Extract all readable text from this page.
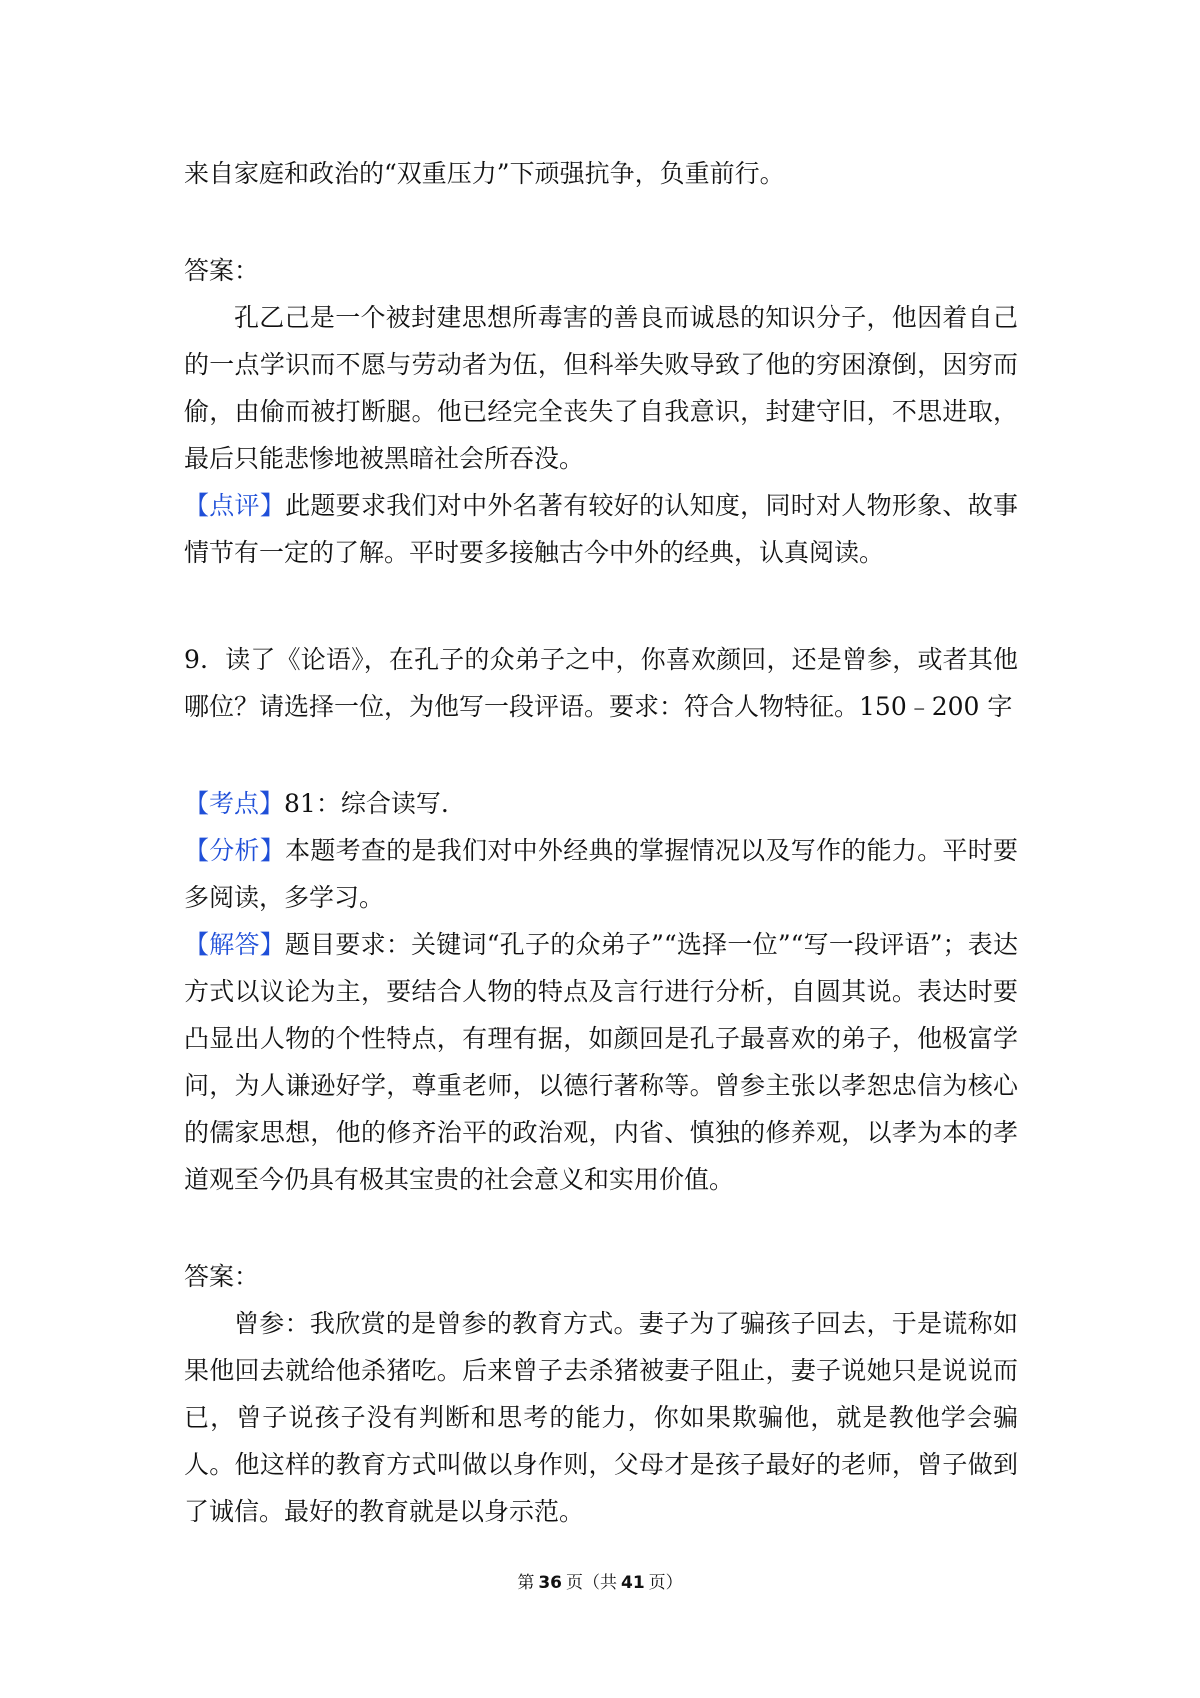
来自家庭和政治的“双重压力”下顽强抗争，负重前行。

答案：

孔乙己是一个被封建思想所毒害的善良而诚恳的知识分子，他因着自己的一点学识而不愿与劳动者为伍，但科举失败导致了他的穷困潦倒，因穷而偷，由偷而被打断腿。他已经完全丧失了自我意识，封建守旧，不思进取，最后只能悲惨地被黑暗社会所吞没。

【点评】此题要求我们对中外名著有较好的认知度，同时对人物形象、故事情节有一定的了解。平时要多接触古今中外的经典，认真阅读。

9．读了《论语》，在孔子的众弟子之中，你喜欢颜回，还是曾参，或者其他哪位？请选择一位，为他写一段评语。要求：符合人物特征。150﹣200 字

【考点】81：综合读写.

【分析】本题考查的是我们对中外经典的掌握情况以及写作的能力。平时要多阅读，多学习。

【解答】题目要求：关键词“孔子的众弟子”“选择一位”“写一段评语”；表达方式以议论为主，要结合人物的特点及言行进行分析，自圆其说。表达时要凸显出人物的个性特点，有理有据，如颜回是孔子最喜欢的弟子，他极富学问，为人谦逊好学，尊重老师，以德行著称等。曾参主张以孝恕忠信为核心的儒家思想，他的修齐治平的政治观，内省、慎独的修养观，以孝为本的孝道观至今仍具有极其宝贵的社会意义和实用价值。

答案：

曾参：我欣赏的是曾参的教育方式。妻子为了骗孩子回去，于是谎称如果他回去就给他杀猪吃。后来曾子去杀猪被妻子阻止，妻子说她只是说说而已，曾子说孩子没有判断和思考的能力，你如果欺骗他，就是教他学会骗人。他这样的教育方式叫做以身作则，父母才是孩子最好的老师，曾子做到了诚信。最好的教育就是以身示范。

第 36 页（共 41 页）
